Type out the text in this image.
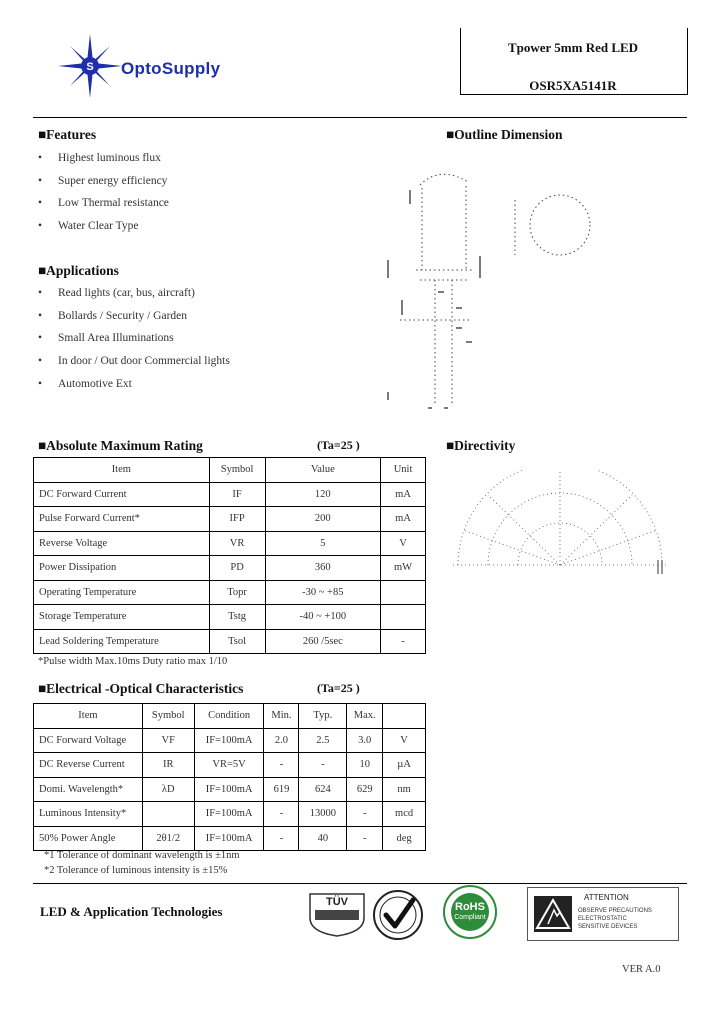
S OptoSupply
Tpower 5mm Red LED
OSR5XA5141R
■Features
•	Highest luminous flux
•	Super energy efficiency
•	Low Thermal resistance
•	Water Clear Type
■Applications
•	Read lights (car, bus, aircraft)
•	Bollards / Security / Garden
•	Small Area Illuminations
•	In door / Out door Commercial lights
•	Automotive Ext
■Outline Dimension
■Absolute Maximum Rating	(Ta=25 )
Item	Symbol	Value	Unit
DC Forward Current	IF	120	mA
Pulse Forward Current*	IFP	200	mA
Reverse Voltage	VR	5	V
Power Dissipation	PD	360	mW
Operating Temperature	Topr	-30 ~ +85	
Storage Temperature	Tstg	-40 ~ +100	
Lead Soldering Temperature	Tsol	260 /5sec	-
*Pulse width Max.10ms Duty ratio max 1/10
■Directivity
■Electrical -Optical Characteristics	(Ta=25 )
Item	Symbol	Condition	Min.	Typ.	Max.	
DC Forward Voltage	VF	IF=100mA	2.0	2.5	3.0	V
DC Reverse Current	IR	VR=5V	-	-	10	µA
Domi. Wavelength*	λD	IF=100mA	619	624	629	nm
Luminous Intensity*		IF=100mA	-	13000	-	mcd
50% Power Angle	2θ1/2	IF=100mA	-	40	-	deg
*1 Tolerance of dominant wavelength is ±1nm
*2 Tolerance of luminous intensity is ±15%
LED & Application Technologies
TÜV	RoHS
Compliant
ATTENTION
OBSERVE PRECAUTIONS
ELECTROSTATIC
SENSITIVE DEVICES
VER A.0
